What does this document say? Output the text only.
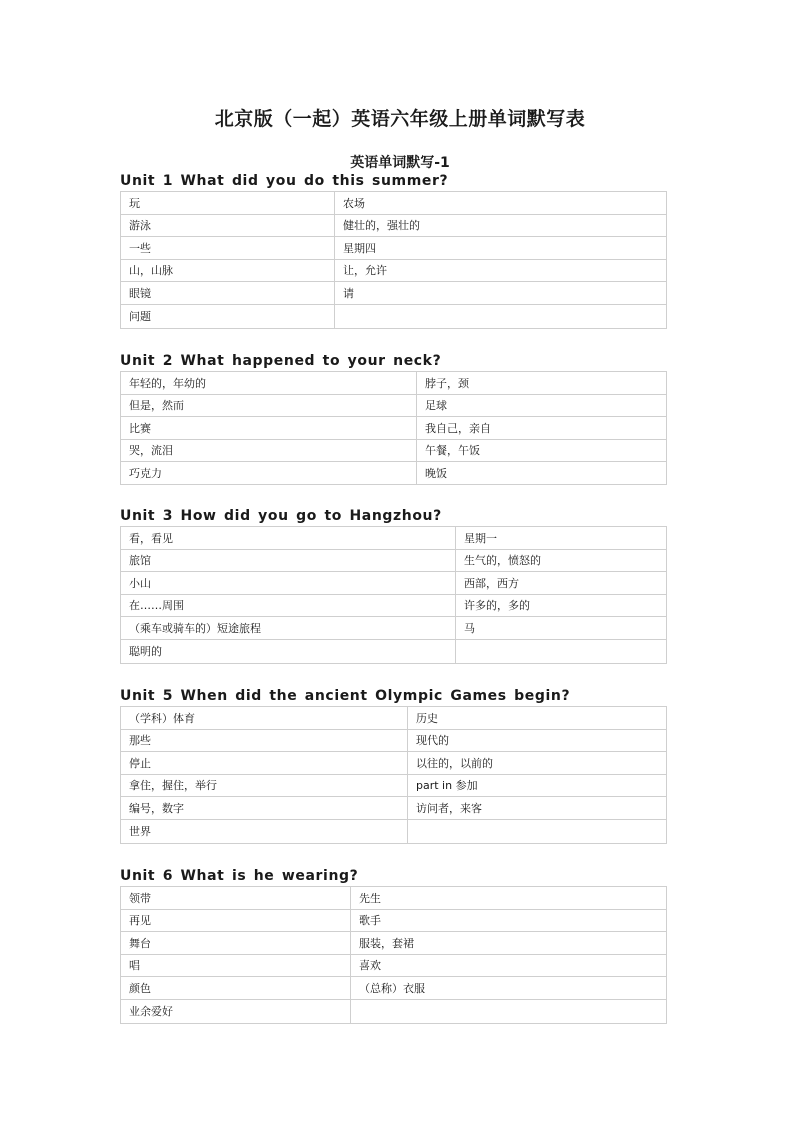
北京版（一起）英语六年级上册单词默写表
英语单词默写-1
Unit 1 What did you do this summer?
玩	农场
游泳	健壮的，强壮的
一些	星期四
山，山脉	让，允许
眼镜	请
问题	
Unit 2 What happened to your neck?
年轻的，年幼的	脖子，颈
但是，然而	足球
比赛	我自己，亲自
哭，流泪	午餐，午饭
巧克力	晚饭
Unit 3 How did you go to Hangzhou?
看，看见	星期一
旅馆	生气的，愤怒的
小山	西部，西方
在……周围	许多的，多的
（乘车或骑车的）短途旅程	马
聪明的	
Unit 5 When did the ancient Olympic Games begin?
（学科）体育	历史
那些	现代的
停止	以往的，以前的
拿住，握住，举行	part in 参加
编号，数字	访问者，来客
世界	
Unit 6 What is he wearing?
领带	先生
再见	歌手
舞台	服装，套裙
唱	喜欢
颜色	（总称）衣服
业余爱好	
